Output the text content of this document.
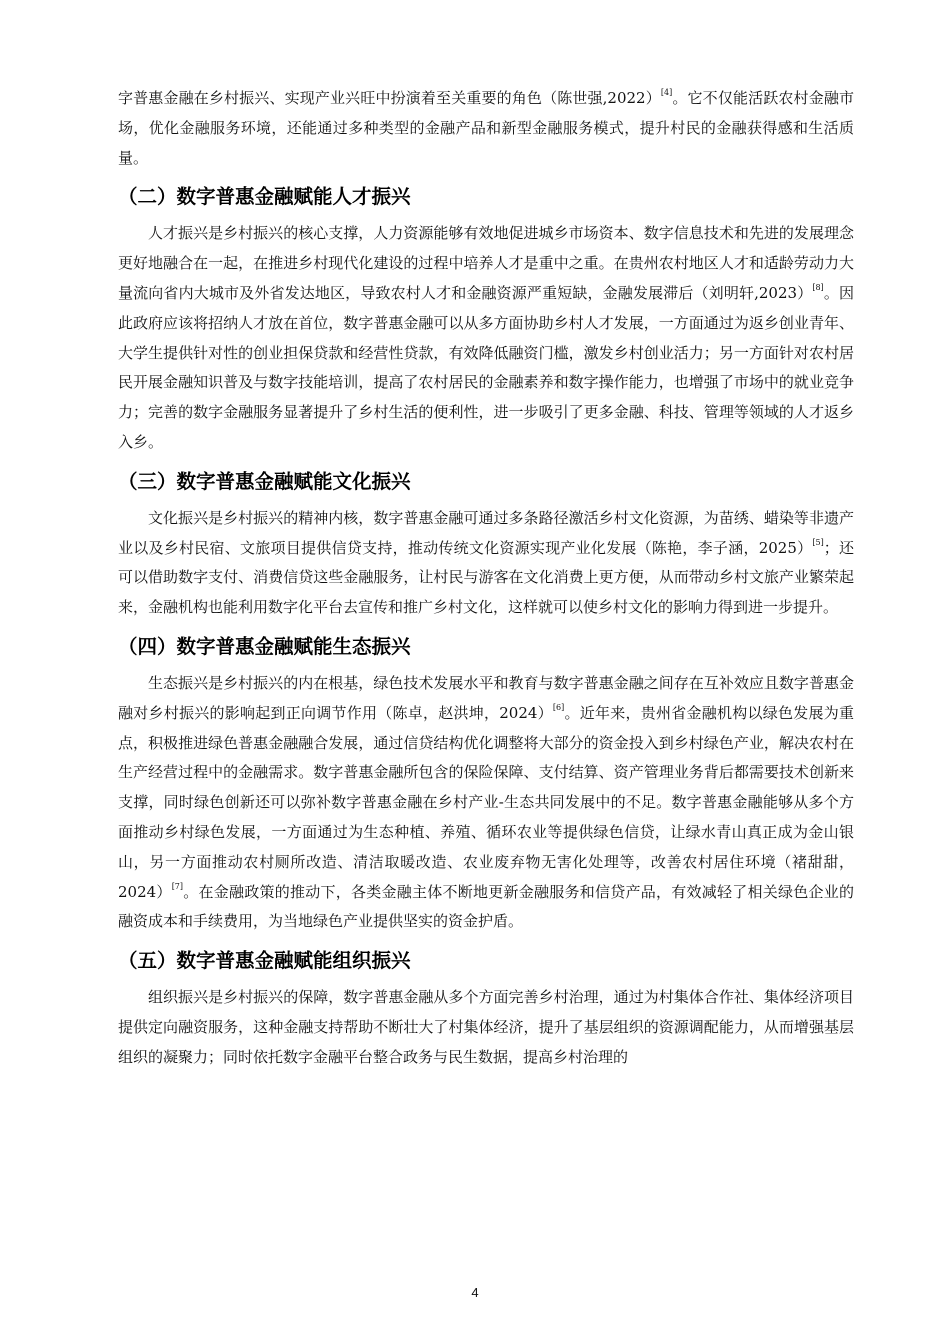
字普惠金融在乡村振兴、实现产业兴旺中扮演着至关重要的角色（陈世强,2022）[4]。它不仅能活跃农村金融市场，优化金融服务环境，还能通过多种类型的金融产品和新型金融服务模式，提升村民的金融获得感和生活质量。

（二）数字普惠金融赋能人才振兴

人才振兴是乡村振兴的核心支撑，人力资源能够有效地促进城乡市场资本、数字信息技术和先进的发展理念更好地融合在一起，在推进乡村现代化建设的过程中培养人才是重中之重。在贵州农村地区人才和适龄劳动力大量流向省内大城市及外省发达地区，导致农村人才和金融资源严重短缺，金融发展滞后（刘明轩,2023）[8]。因此政府应该将招纳人才放在首位，数字普惠金融可以从多方面协助乡村人才发展，一方面通过为返乡创业青年、大学生提供针对性的创业担保贷款和经营性贷款，有效降低融资门槛，激发乡村创业活力；另一方面针对农村居民开展金融知识普及与数字技能培训，提高了农村居民的金融素养和数字操作能力，也增强了市场中的就业竞争力；完善的数字金融服务显著提升了乡村生活的便利性，进一步吸引了更多金融、科技、管理等领域的人才返乡入乡。

（三）数字普惠金融赋能文化振兴

文化振兴是乡村振兴的精神内核，数字普惠金融可通过多条路径激活乡村文化资源，为苗绣、蜡染等非遗产业以及乡村民宿、文旅项目提供信贷支持，推动传统文化资源实现产业化发展（陈艳，李子涵，2025）[5]；还可以借助数字支付、消费信贷这些金融服务，让村民与游客在文化消费上更方便，从而带动乡村文旅产业繁荣起来，金融机构也能利用数字化平台去宣传和推广乡村文化，这样就可以使乡村文化的影响力得到进一步提升。

（四）数字普惠金融赋能生态振兴

生态振兴是乡村振兴的内在根基，绿色技术发展水平和教育与数字普惠金融之间存在互补效应且数字普惠金融对乡村振兴的影响起到正向调节作用（陈卓，赵洪坤，2024）[6]。近年来，贵州省金融机构以绿色发展为重点，积极推进绿色普惠金融融合发展，通过信贷结构优化调整将大部分的资金投入到乡村绿色产业，解决农村在生产经营过程中的金融需求。数字普惠金融所包含的保险保障、支付结算、资产管理业务背后都需要技术创新来支撑，同时绿色创新还可以弥补数字普惠金融在乡村产业-生态共同发展中的不足。数字普惠金融能够从多个方面推动乡村绿色发展，一方面通过为生态种植、养殖、循环农业等提供绿色信贷，让绿水青山真正成为金山银山，另一方面推动农村厕所改造、清洁取暖改造、农业废弃物无害化处理等，改善农村居住环境（褚甜甜，2024）[7]。在金融政策的推动下，各类金融主体不断地更新金融服务和信贷产品，有效减轻了相关绿色企业的融资成本和手续费用，为当地绿色产业提供坚实的资金护盾。

（五）数字普惠金融赋能组织振兴

组织振兴是乡村振兴的保障，数字普惠金融从多个方面完善乡村治理，通过为村集体合作社、集体经济项目提供定向融资服务，这种金融支持帮助不断壮大了村集体经济，提升了基层组织的资源调配能力，从而增强基层组织的凝聚力；同时依托数字金融平台整合政务与民生数据，提高乡村治理的

4
